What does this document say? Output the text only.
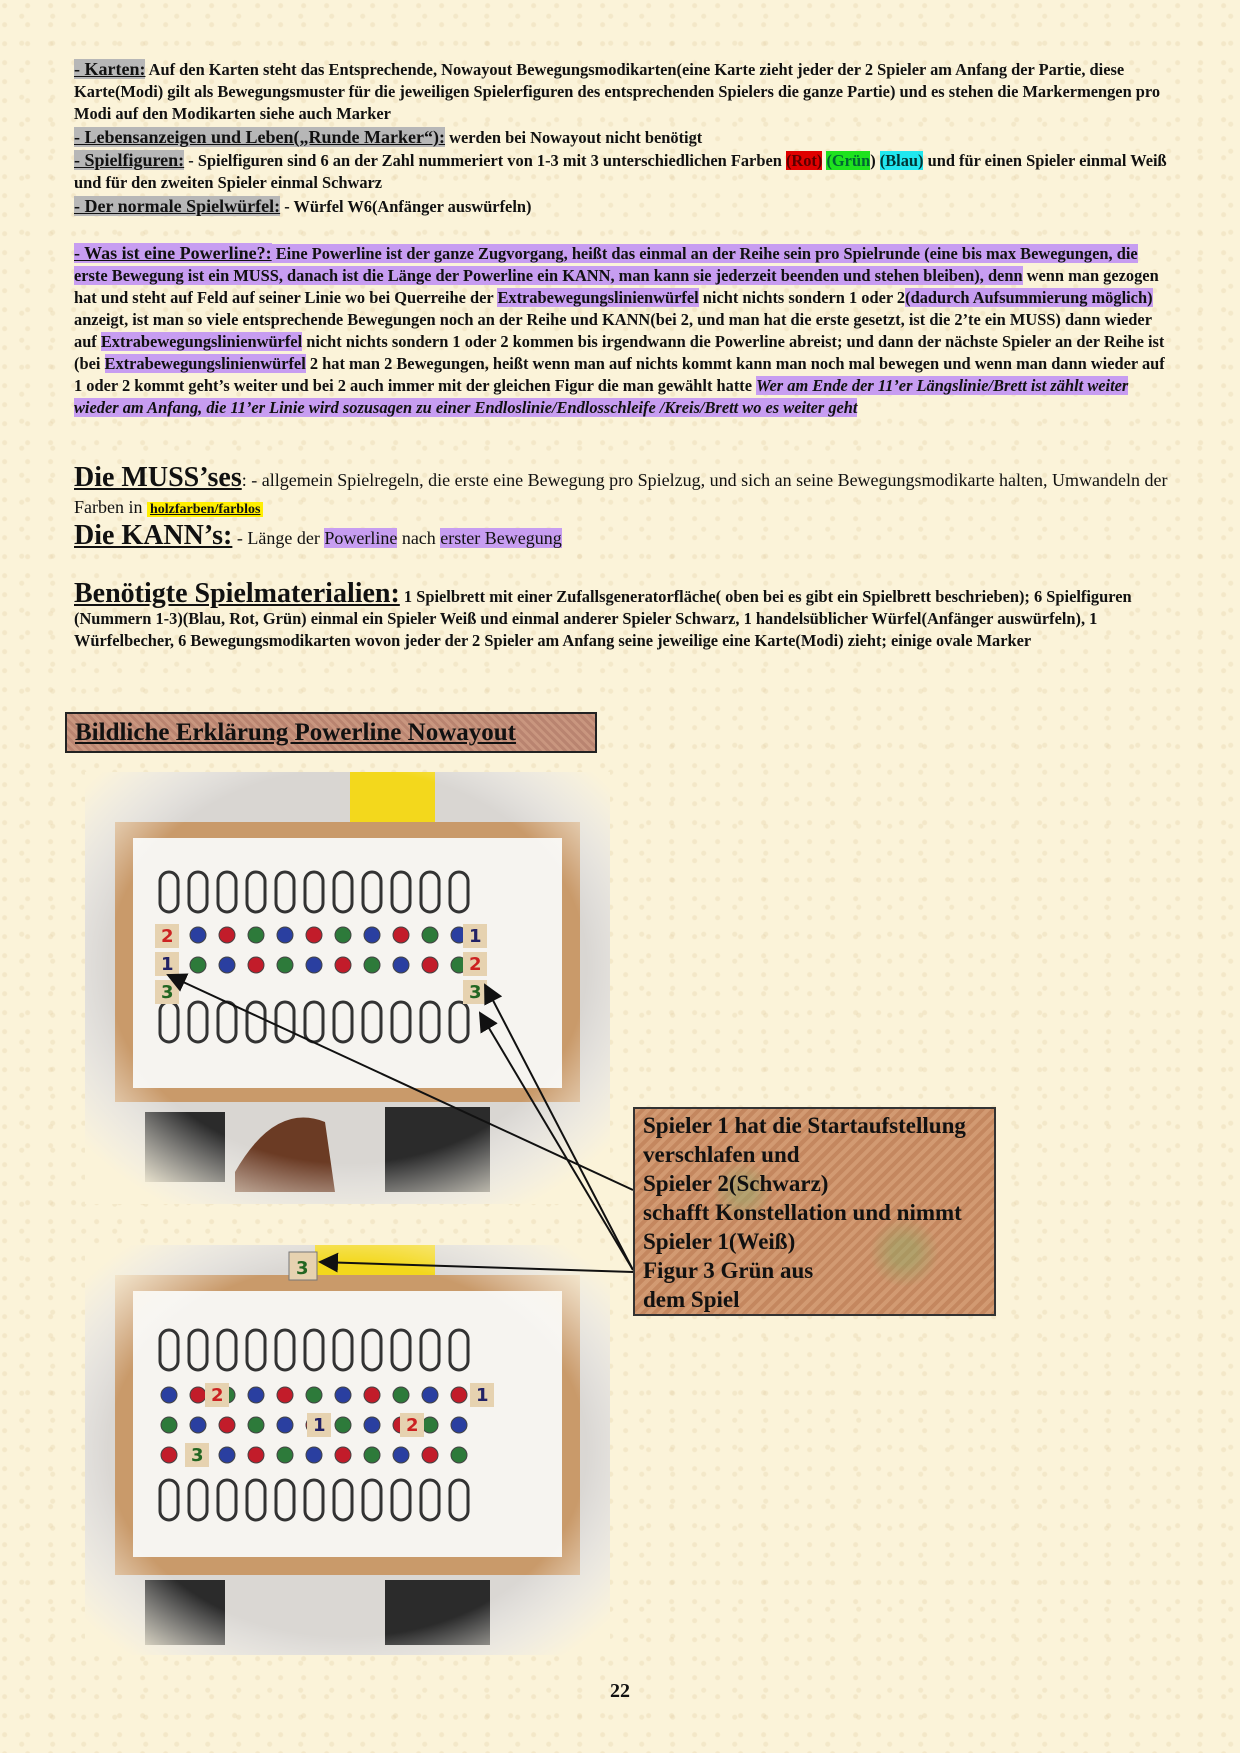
- Karten: Auf den Karten steht das Entsprechende, Nowayout Bewegungsmodikarten(eine Karte zieht jeder der 2 Spieler am Anfang der Partie, diese Karte(Modi) gilt als Bewegungsmuster für die jeweiligen Spielerfiguren des entsprechenden Spielers die ganze Partie) und es stehen die Markermengen pro Modi auf den Modikarten siehe auch Marker

- Lebensanzeigen und Leben(„Runde Marker“): werden bei Nowayout nicht benötigt

- Spielfiguren: - Spielfiguren sind 6 an der Zahl nummeriert von 1-3 mit 3 unterschiedlichen Farben (Rot) (Grün) (Blau) und für einen Spieler einmal Weiß und für den zweiten Spieler einmal Schwarz

- Der normale Spielwürfel: - Würfel W6(Anfänger auswürfeln)

- Was ist eine Powerline?: Eine Powerline ist der ganze Zugvorgang, heißt das einmal an der Reihe sein pro Spielrunde (eine bis max Bewegungen, die erste Bewegung ist ein MUSS, danach ist die Länge der Powerline ein KANN, man kann sie jederzeit beenden und stehen bleiben), denn wenn man gezogen hat und steht auf Feld auf seiner Linie wo bei Querreihe der Extrabewegungslinienwürfel nicht nichts sondern 1 oder 2(dadurch Aufsummierung möglich) anzeigt, ist man so viele entsprechende Bewegungen noch an der Reihe und KANN(bei 2, und man hat die erste gesetzt, ist die 2’te ein MUSS) dann wieder auf Extrabewegungslinienwürfel nicht nichts sondern 1 oder 2 kommen bis irgendwann die Powerline abreist; und dann der nächste Spieler an der Reihe ist (bei Extrabewegungslinienwürfel 2 hat man 2 Bewegungen, heißt wenn man auf nichts kommt kann man noch mal bewegen und wenn man dann wieder auf 1 oder 2 kommt geht’s weiter und bei 2 auch immer mit der gleichen Figur die man gewählt hatte Wer am Ende der 11’er Längslinie/Brett ist zählt weiter wieder am Anfang, die 11’er Linie wird sozusagen zu einer Endloslinie/Endlosschleife /Kreis/Brett wo es weiter geht

Die MUSS’ses: - allgemein Spielregeln, die erste eine Bewegung pro Spielzug, und sich an seine Bewegungsmodikarte halten, Umwandeln der Farben in holzfarben/farblos

Die KANN’s: - Länge der Powerline nach erster Bewegung

Benötigte Spielmaterialien: 1 Spielbrett mit einer Zufallsgeneratorfläche( oben bei es gibt ein Spielbrett beschrieben); 6 Spielfiguren (Nummern 1-3)(Blau, Rot, Grün) einmal ein Spieler Weiß und einmal anderer Spieler Schwarz, 1 handelsüblicher Würfel(Anfänger auswürfeln), 1 Würfelbecher, 6 Bewegungsmodikarten wovon jeder der 2 Spieler am Anfang seine jeweilige eine Karte(Modi) zieht; einige ovale Marker

Bildliche Erklärung Powerline Nowayout
3
Spieler 1 hat die Startaufstellung
verschlafen und
Spieler 2(Schwarz)
schafft Konstellation und nimmt
Spieler 1(Weiß)
Figur 3 Grün aus
dem Spiel
22
